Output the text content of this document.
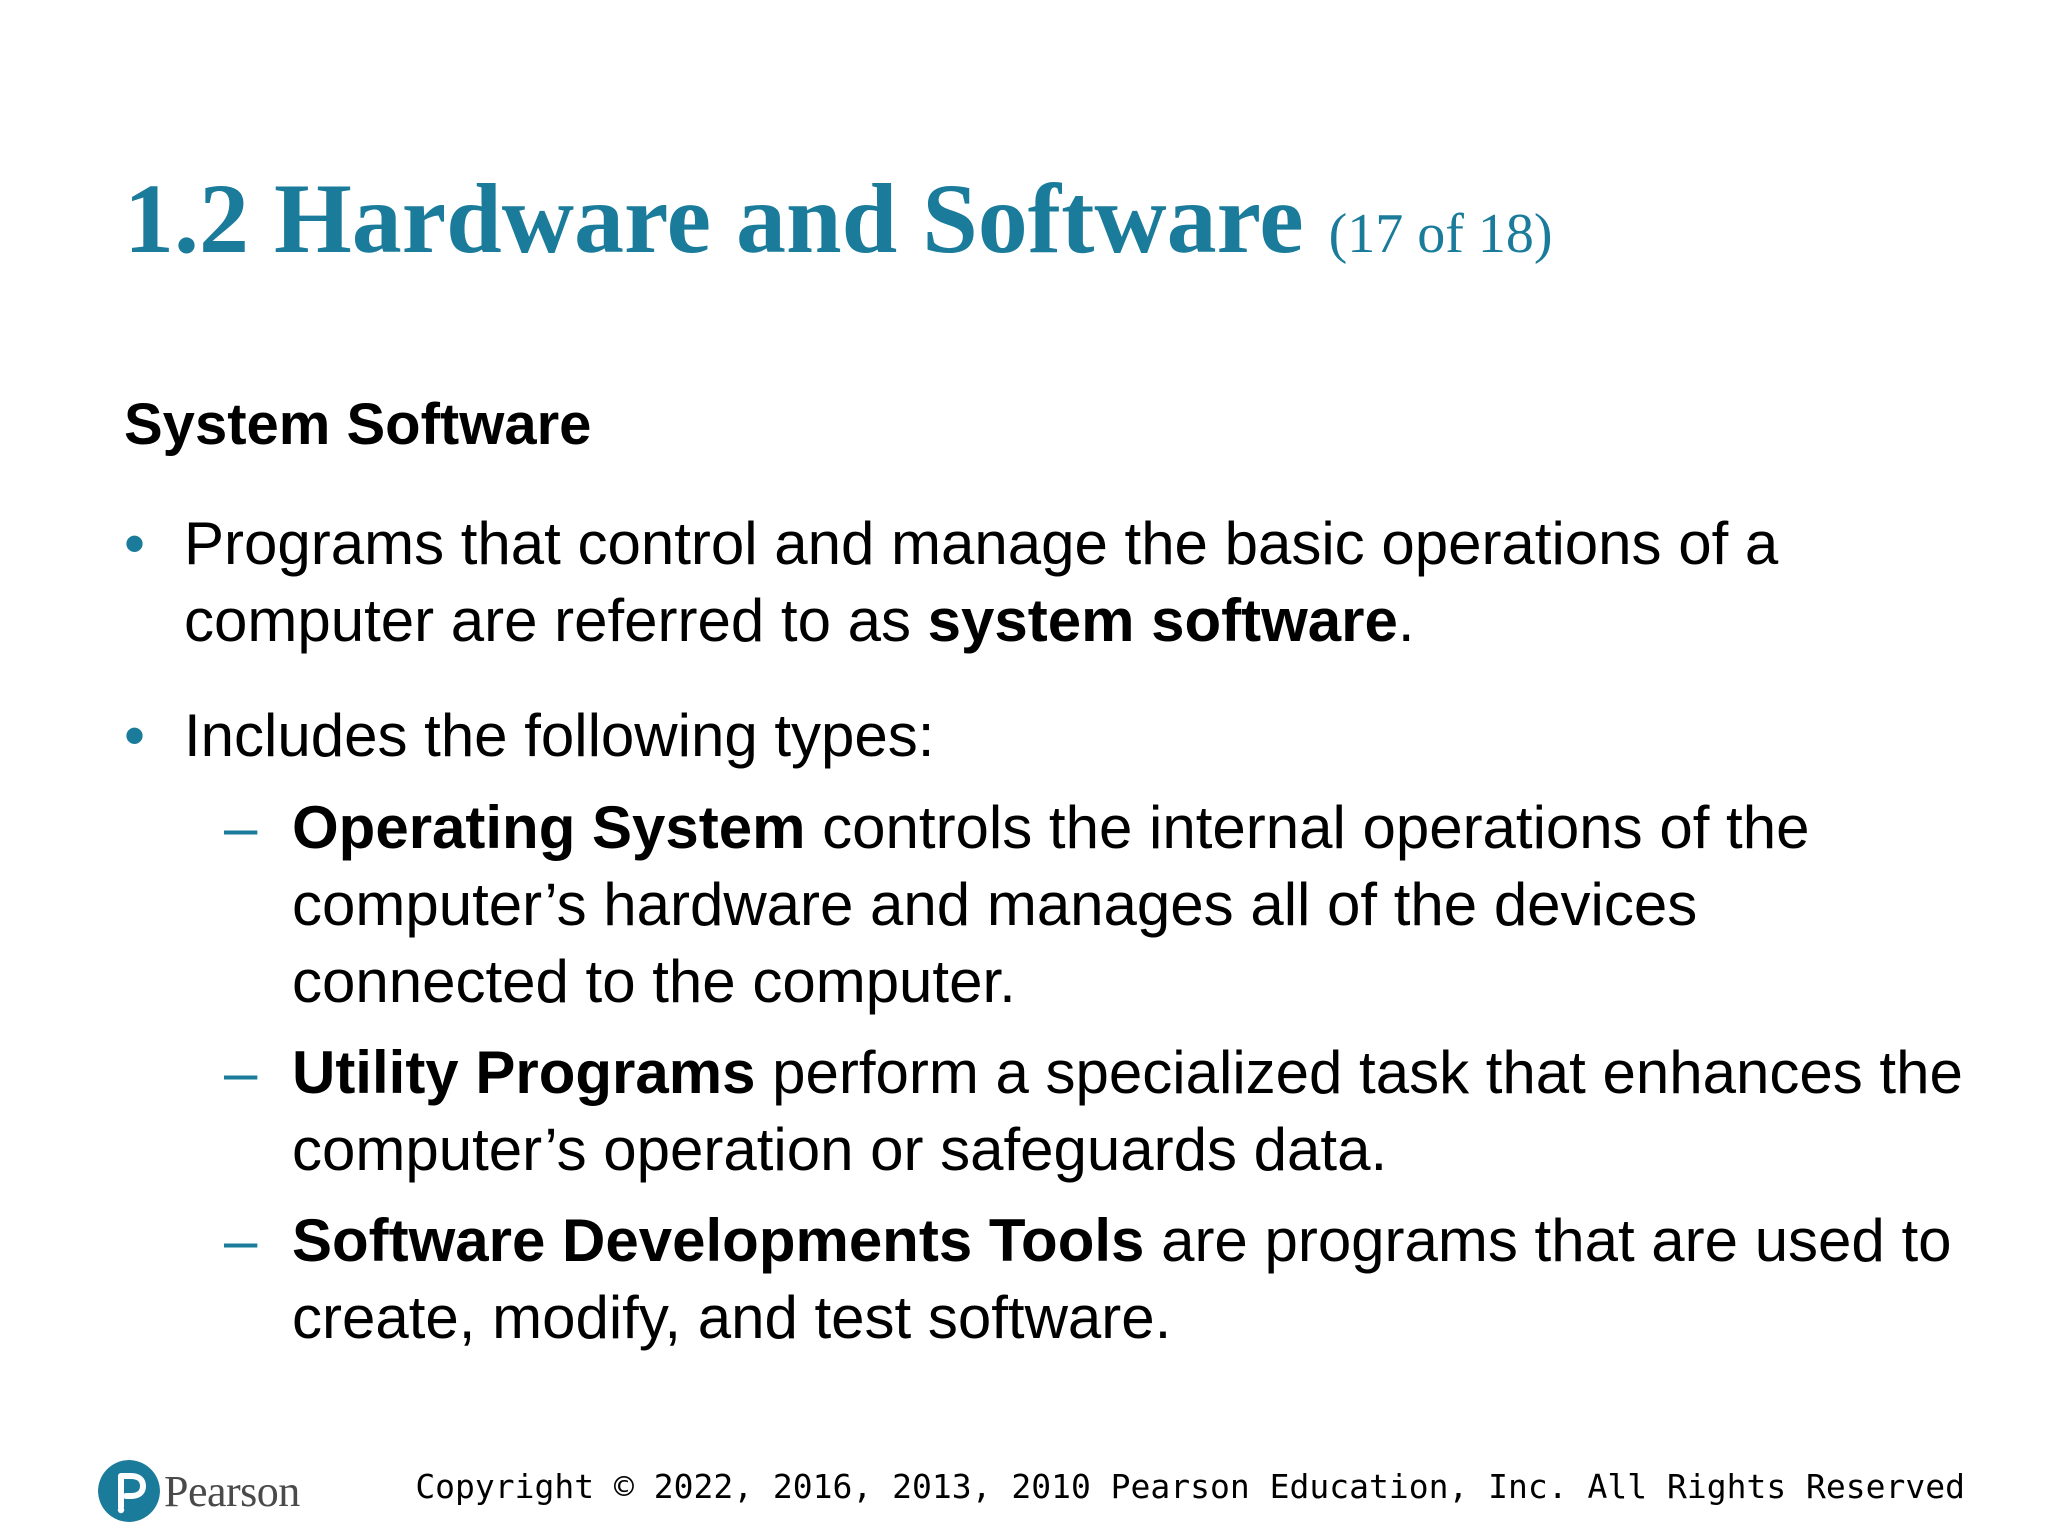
1.2 Hardware and Software (17 of 18)
System Software
• Programs that control and manage the basic operations of a computer are referred to as system software.
• Includes the following types:
– Operating System controls the internal operations of the computer’s hardware and manages all of the devices connected to the computer.
– Utility Programs perform a specialized task that enhances the computer’s operation or safeguards data.
– Software Developments Tools are programs that are used to create, modify, and test software.
Pearson	Copyright © 2022, 2016, 2013, 2010 Pearson Education, Inc. All Rights Reserved
